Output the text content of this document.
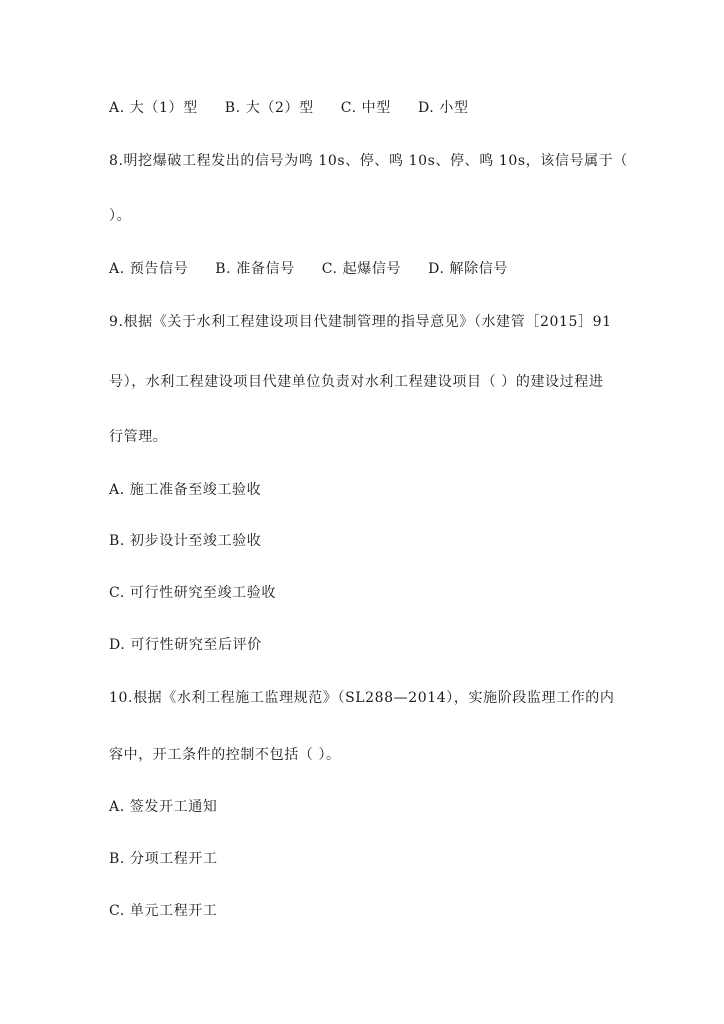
A. 大（1）型 B. 大（2）型 C. 中型 D. 小型
8.明挖爆破工程发出的信号为鸣 10s、停、鸣 10s、停、鸣 10s，该信号属于（
）。
A. 预告信号 B. 准备信号 C. 起爆信号 D. 解除信号
9.根据《关于水利工程建设项目代建制管理的指导意见》（水建管［2015］91
号），水利工程建设项目代建单位负责对水利工程建设项目（ ）的建设过程进
行管理。
A. 施工准备至竣工验收
B. 初步设计至竣工验收
C. 可行性研究至竣工验收
D. 可行性研究至后评价
10.根据《水利工程施工监理规范》（SL288—2014），实施阶段监理工作的内
容中，开工条件的控制不包括（ ）。
A. 签发开工通知
B. 分项工程开工
C. 单元工程开工
